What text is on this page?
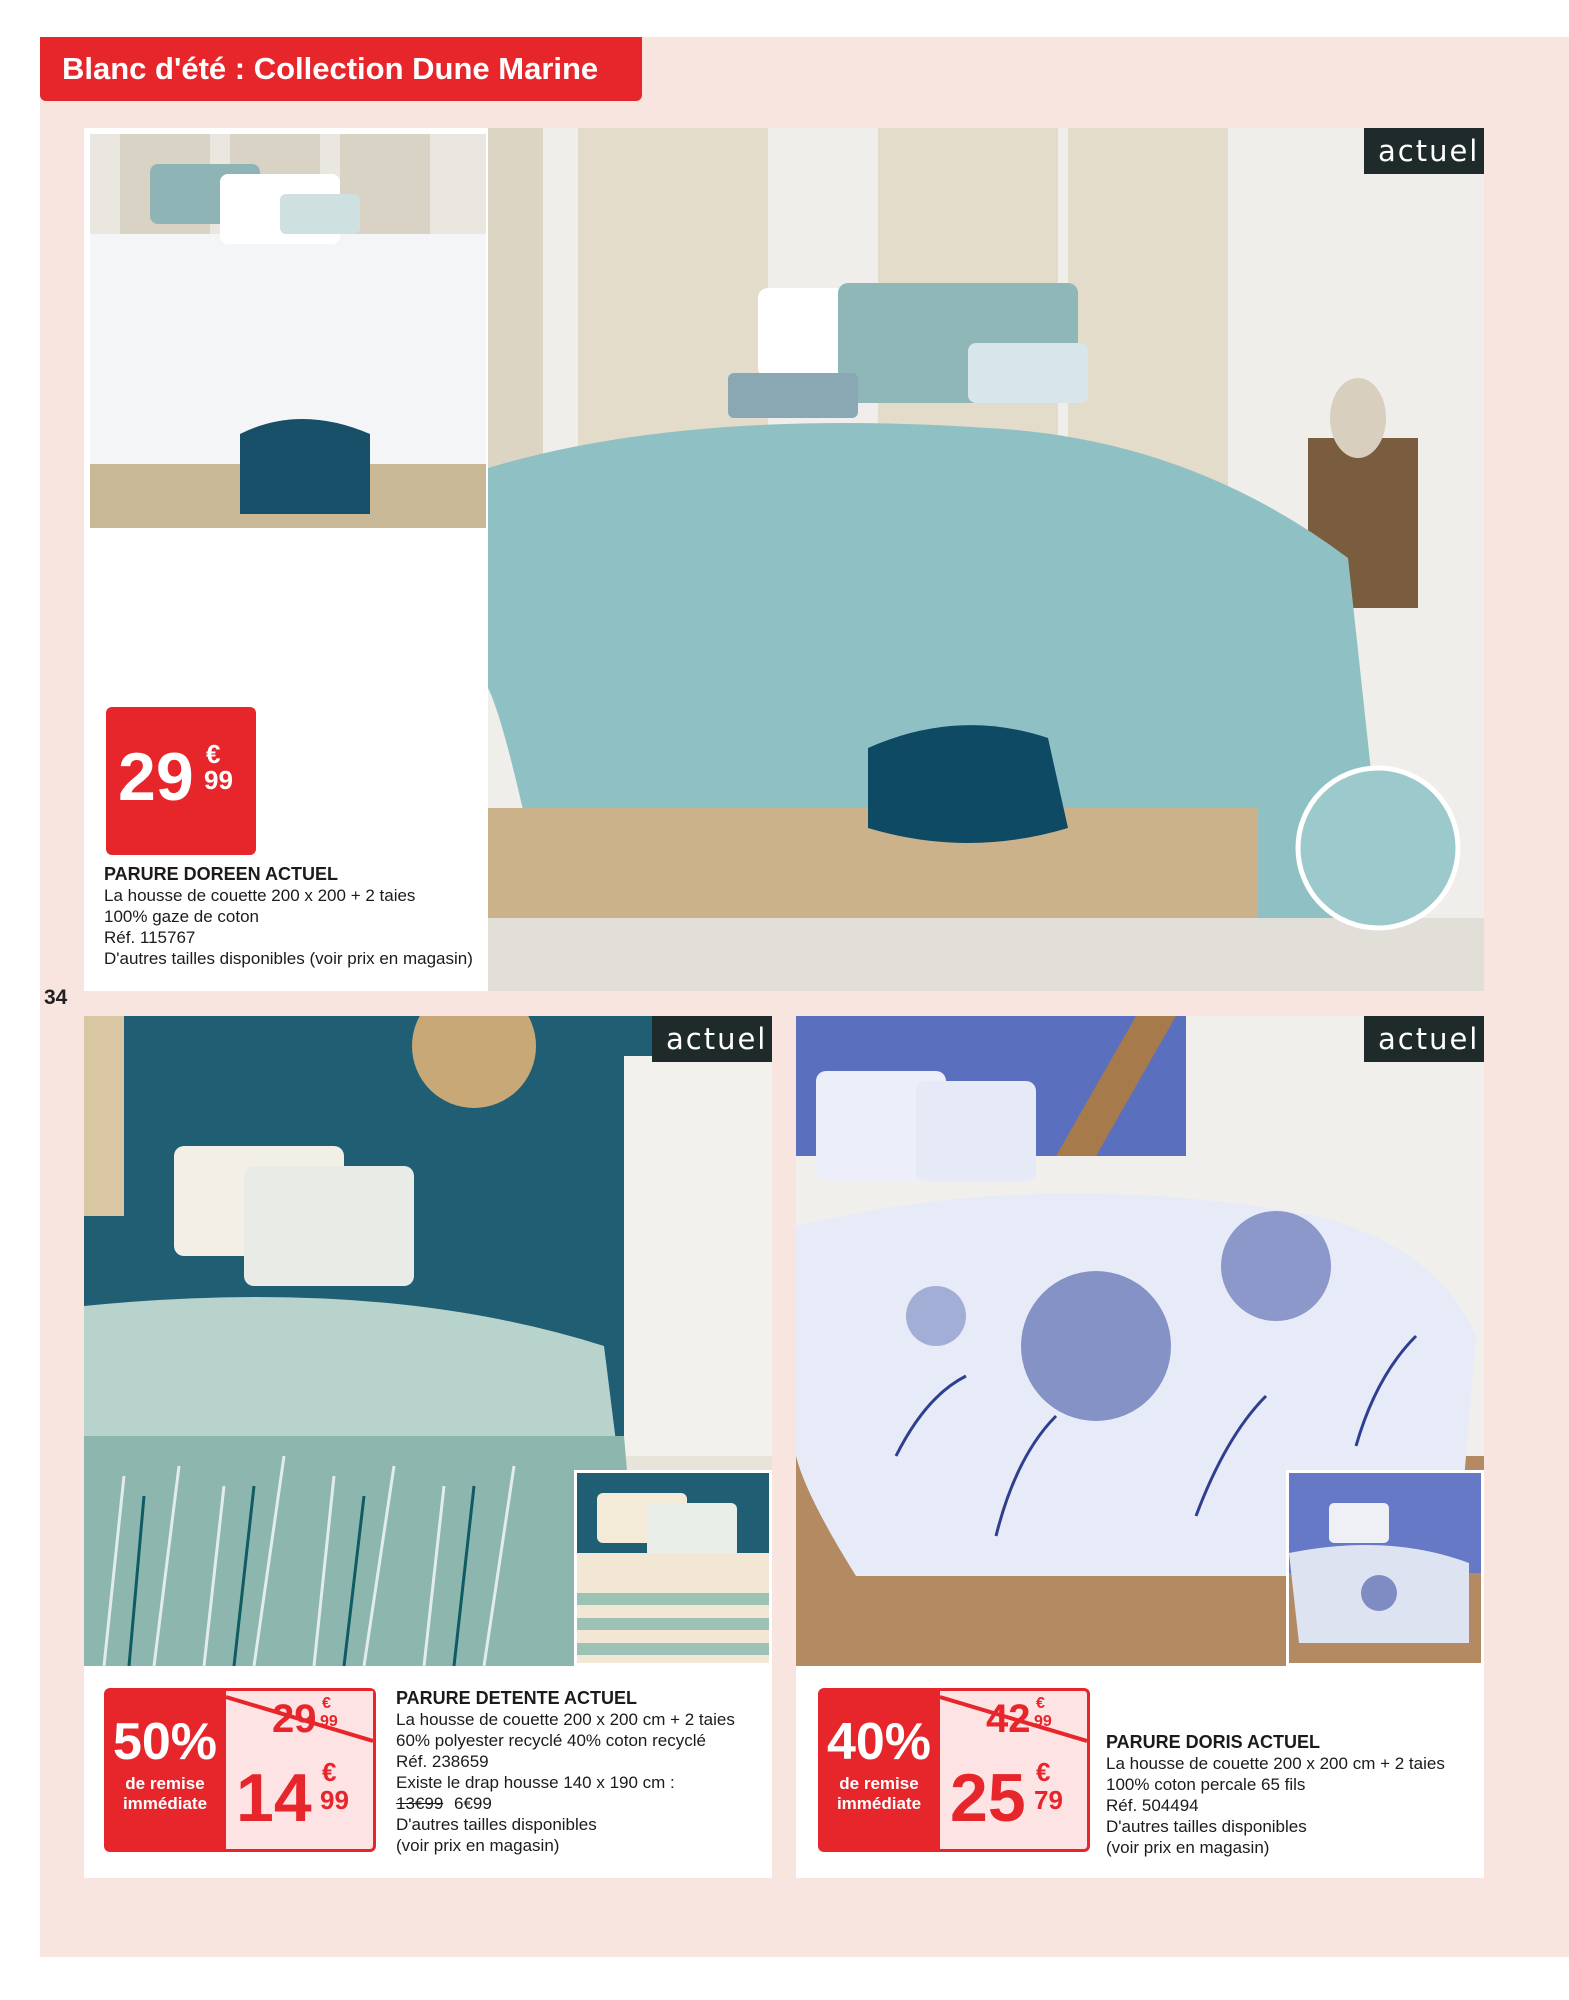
Blanc d'été : Collection Dune Marine
34
actuel
29 €
99
PARURE DOREEN ACTUEL
La housse de couette 200 x 200 + 2 taies
100% gaze de coton
Réf. 115767
D'autres tailles disponibles (voir prix en magasin)
actuel
50%
de remise
immédiate
29 €
99
14 €
99
PARURE DETENTE ACTUEL
La housse de couette 200 x 200 cm + 2 taies
60% polyester recyclé 40% coton recyclé
Réf. 238659
Existe le drap housse 140 x 190 cm :
13€99 6€99
D'autres tailles disponibles
(voir prix en magasin)
actuel
40%
de remise
immédiate
42 €
99
25 €
79
PARURE DORIS ACTUEL
La housse de couette 200 x 200 cm + 2 taies
100% coton percale 65 fils
Réf. 504494
D'autres tailles disponibles
(voir prix en magasin)
